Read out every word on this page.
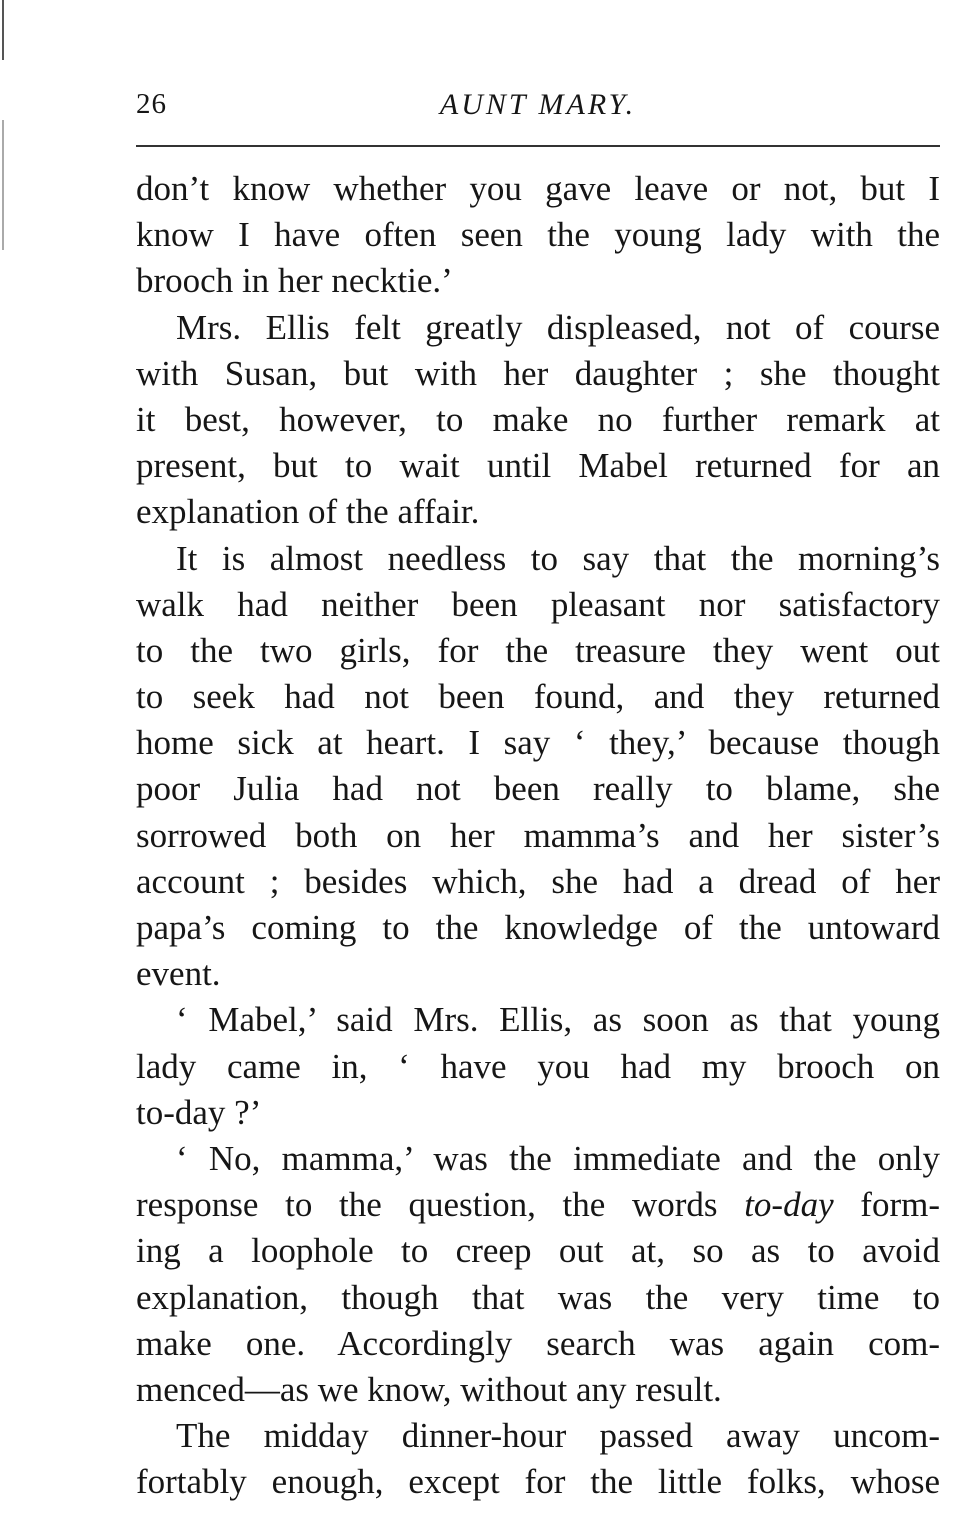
26	AUNT MARY.
don’t know whether you gave leave or not, but I
know I have often seen the young lady with the
brooch in her necktie.’
Mrs. Ellis felt greatly displeased, not of course
with Susan, but with her daughter ; she thought
it best, however, to make no further remark at
present, but to wait until Mabel returned for an
explanation of the affair.
It is almost needless to say that the morning’s
walk had neither been pleasant nor satisfactory
to the two girls, for the treasure they went out
to seek had not been found, and they returned
home sick at heart. I say ‘ they,’ because though
poor Julia had not been really to blame, she
sorrowed both on her mamma’s and her sister’s
account ; besides which, she had a dread of her
papa’s coming to the knowledge of the untoward
event.
‘ Mabel,’ said Mrs. Ellis, as soon as that young
lady came in, ‘ have you had my brooch on
to-day ?’
‘ No, mamma,’ was the immediate and the only
response to the question, the words to-day form-
ing a loophole to creep out at, so as to avoid
explanation, though that was the very time to
make one. Accordingly search was again com-
menced—as we know, without any result.
The midday dinner-hour passed away uncom-
fortably enough, except for the little folks, whose
